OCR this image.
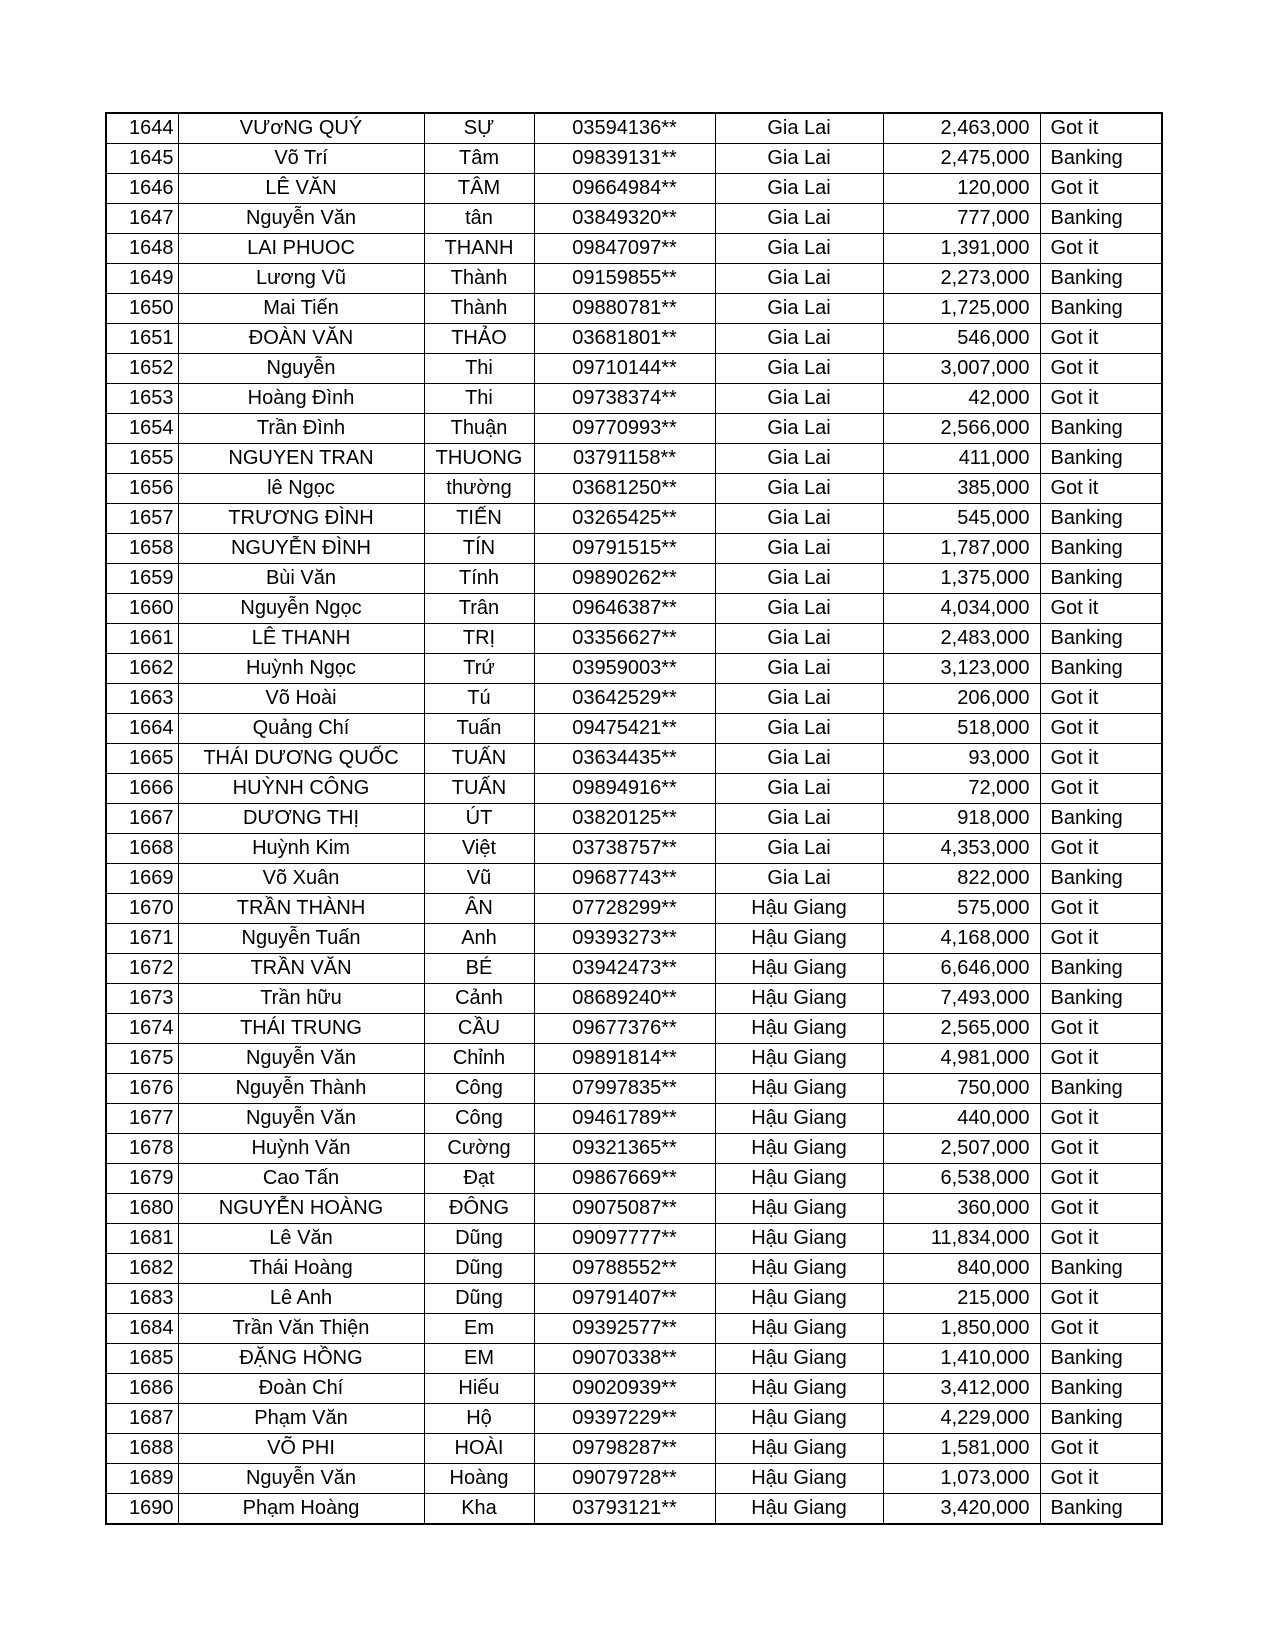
1644	VƯơNG QUÝ	SỰ	03594136**	Gia Lai	2,463,000	Got it
1645	Võ Trí	Tâm	09839131**	Gia Lai	2,475,000	Banking
1646	LÊ VĂN	TÂM	09664984**	Gia Lai	120,000	Got it
1647	Nguyễn Văn	tân	03849320**	Gia Lai	777,000	Banking
1648	LAI PHUOC	THANH	09847097**	Gia Lai	1,391,000	Got it
1649	Lương Vũ	Thành	09159855**	Gia Lai	2,273,000	Banking
1650	Mai Tiến	Thành	09880781**	Gia Lai	1,725,000	Banking
1651	ĐOÀN VĂN	THẢO	03681801**	Gia Lai	546,000	Got it
1652	Nguyễn	Thi	09710144**	Gia Lai	3,007,000	Got it
1653	Hoàng Đình	Thi	09738374**	Gia Lai	42,000	Got it
1654	Trần Đình	Thuận	09770993**	Gia Lai	2,566,000	Banking
1655	NGUYEN TRAN	THUONG	03791158**	Gia Lai	411,000	Banking
1656	lê Ngọc	thường	03681250**	Gia Lai	385,000	Got it
1657	TRƯƠNG ĐÌNH	TIẾN	03265425**	Gia Lai	545,000	Banking
1658	NGUYỄN ĐÌNH	TÍN	09791515**	Gia Lai	1,787,000	Banking
1659	Bùi Văn	Tính	09890262**	Gia Lai	1,375,000	Banking
1660	Nguyễn Ngọc	Trân	09646387**	Gia Lai	4,034,000	Got it
1661	LÊ THANH	TRỊ	03356627**	Gia Lai	2,483,000	Banking
1662	Huỳnh Ngọc	Trứ	03959003**	Gia Lai	3,123,000	Banking
1663	Võ Hoài	Tú	03642529**	Gia Lai	206,000	Got it
1664	Quảng Chí	Tuấn	09475421**	Gia Lai	518,000	Got it
1665	THÁI DƯƠNG QUỐC	TUẤN	03634435**	Gia Lai	93,000	Got it
1666	HUỲNH CÔNG	TUẤN	09894916**	Gia Lai	72,000	Got it
1667	DƯƠNG THỊ	ÚT	03820125**	Gia Lai	918,000	Banking
1668	Huỳnh Kim	Việt	03738757**	Gia Lai	4,353,000	Got it
1669	Võ Xuân	Vũ	09687743**	Gia Lai	822,000	Banking
1670	TRẦN THÀNH	ÂN	07728299**	Hậu Giang	575,000	Got it
1671	Nguyễn Tuấn	Anh	09393273**	Hậu Giang	4,168,000	Got it
1672	TRẦN VĂN	BÉ	03942473**	Hậu Giang	6,646,000	Banking
1673	Trần hữu	Cảnh	08689240**	Hậu Giang	7,493,000	Banking
1674	THÁI TRUNG	CẦU	09677376**	Hậu Giang	2,565,000	Got it
1675	Nguyễn Văn	Chỉnh	09891814**	Hậu Giang	4,981,000	Got it
1676	Nguyễn Thành	Công	07997835**	Hậu Giang	750,000	Banking
1677	Nguyễn Văn	Công	09461789**	Hậu Giang	440,000	Got it
1678	Huỳnh Văn	Cường	09321365**	Hậu Giang	2,507,000	Got it
1679	Cao Tấn	Đạt	09867669**	Hậu Giang	6,538,000	Got it
1680	NGUYỄN HOÀNG	ĐÔNG	09075087**	Hậu Giang	360,000	Got it
1681	Lê Văn	Dũng	09097777**	Hậu Giang	11,834,000	Got it
1682	Thái Hoàng	Dũng	09788552**	Hậu Giang	840,000	Banking
1683	Lê Anh	Dũng	09791407**	Hậu Giang	215,000	Got it
1684	Trần Văn Thiện	Em	09392577**	Hậu Giang	1,850,000	Got it
1685	ĐẶNG HỒNG	EM	09070338**	Hậu Giang	1,410,000	Banking
1686	Đoàn Chí	Hiếu	09020939**	Hậu Giang	3,412,000	Banking
1687	Phạm Văn	Hộ	09397229**	Hậu Giang	4,229,000	Banking
1688	VÕ PHI	HOÀI	09798287**	Hậu Giang	1,581,000	Got it
1689	Nguyễn Văn	Hoàng	09079728**	Hậu Giang	1,073,000	Got it
1690	Phạm Hoàng	Kha	03793121**	Hậu Giang	3,420,000	Banking
